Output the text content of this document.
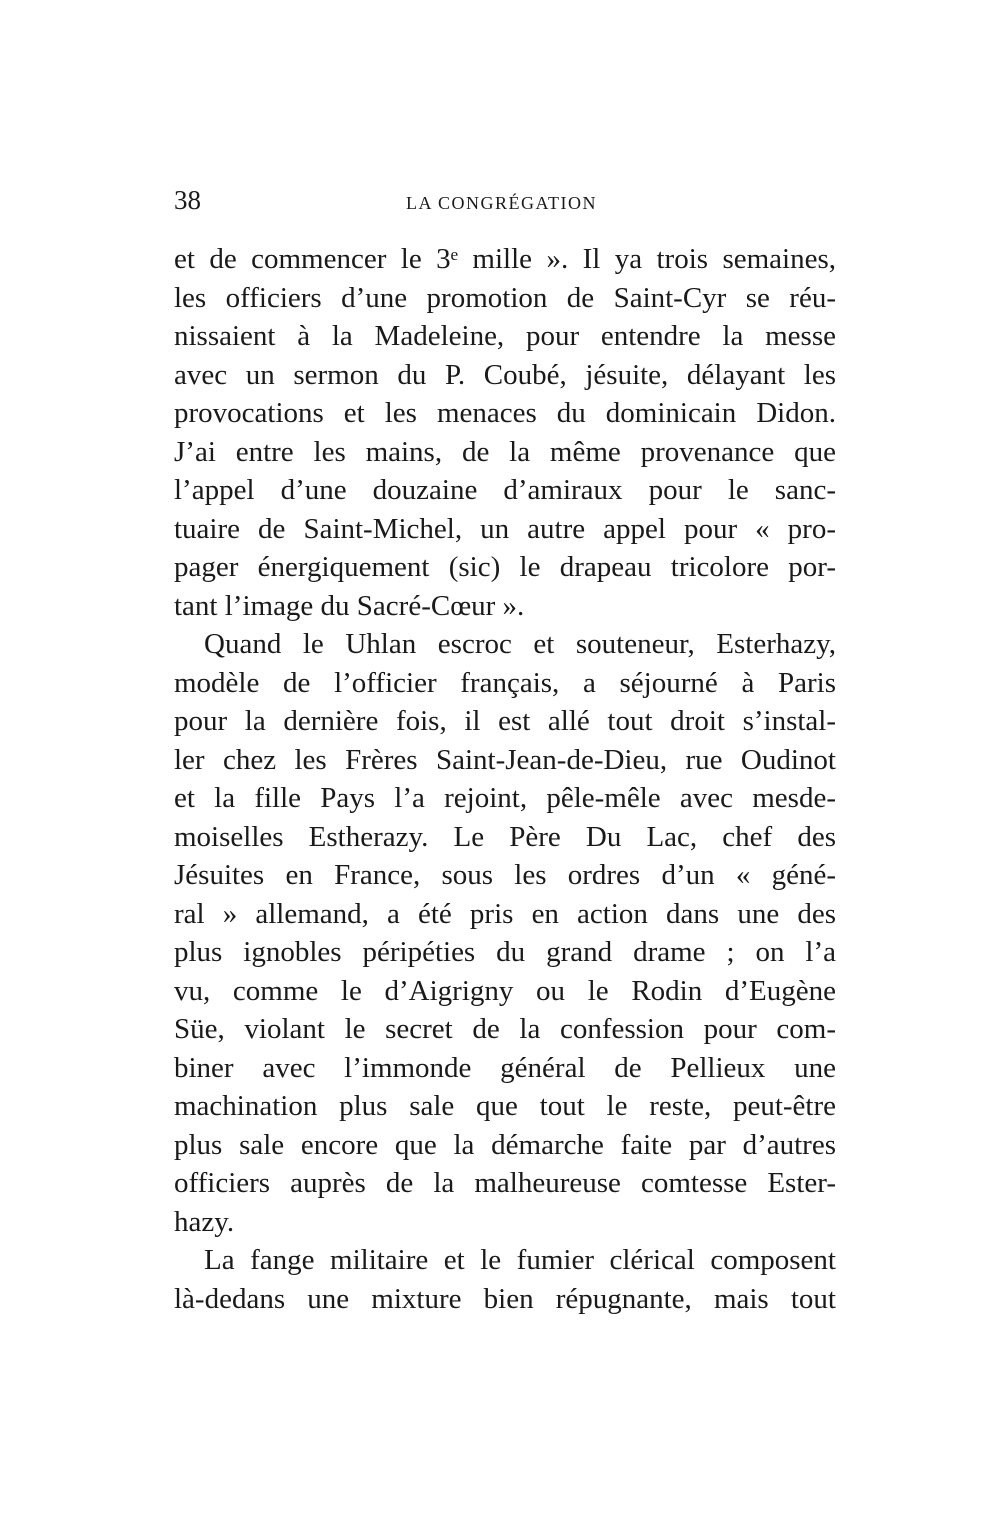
38	LA CONGRÉGATION
et de commencer le 3ᵉ mille ». Il ya trois semaines,
les officiers d’une promotion de Saint-Cyr se réu-
nissaient à la Madeleine, pour entendre la messe
avec un sermon du P. Coubé, jésuite, délayant les
provocations et les menaces du dominicain Didon.
J’ai entre les mains, de la même provenance que
l’appel d’une douzaine d’amiraux pour le sanc-
tuaire de Saint-Michel, un autre appel pour « pro-
pager énergiquement (sic) le drapeau tricolore por-
tant l’image du Sacré-Cœur ».
Quand le Uhlan escroc et souteneur, Esterhazy,
modèle de l’officier français, a séjourné à Paris
pour la dernière fois, il est allé tout droit s’instal-
ler chez les Frères Saint-Jean-de-Dieu, rue Oudinot
et la fille Pays l’a rejoint, pêle-mêle avec mesde-
moiselles Estherazy. Le Père Du Lac, chef des
Jésuites en France, sous les ordres d’un « géné-
ral » allemand, a été pris en action dans une des
plus ignobles péripéties du grand drame ; on l’a
vu, comme le d’Aigrigny ou le Rodin d’Eugène
Süe, violant le secret de la confession pour com-
biner avec l’immonde général de Pellieux une
machination plus sale que tout le reste, peut-être
plus sale encore que la démarche faite par d’autres
officiers auprès de la malheureuse comtesse Ester-
hazy.
La fange militaire et le fumier clérical composent
là-dedans une mixture bien répugnante, mais tout
